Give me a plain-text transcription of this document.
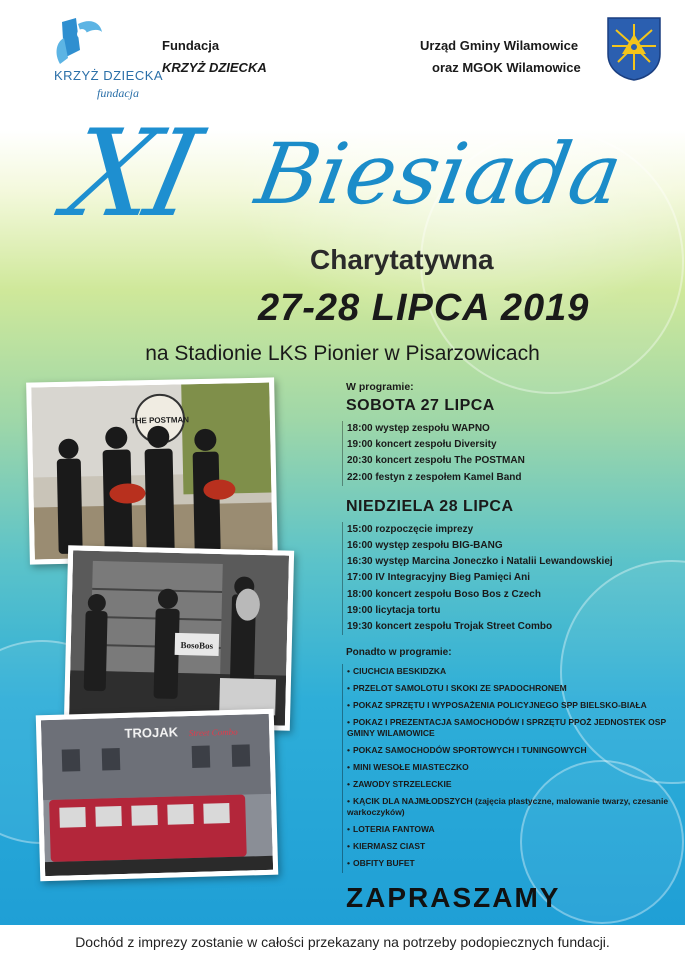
KRZYŻ DZIECKA
fundacja
Fundacja
KRZYŻ DZIECKA
Urząd Gminy Wilamowice
oraz MGOK Wilamowice
XI Biesiada
Charytatywna
27-28 LIPCA 2019
na Stadionie LKS Pionier w Pisarzowicach
THE POSTMAN
BosoBos
TROJAK Street Combo
W programie:
SOBOTA 27 LIPCA
18:00 występ zespołu WAPNO
19:00 koncert zespołu Diversity
20:30 koncert zespołu The POSTMAN
22:00 festyn z zespołem Kamel Band
NIEDZIELA 28 LIPCA
15:00 rozpoczęcie imprezy
16:00 występ zespołu BIG-BANG
16:30 występ Marcina Joneczko i Natalii Lewandowskiej
17:00 IV Integracyjny Bieg Pamięci Ani
18:00 koncert zespołu Boso Bos z Czech
19:00 licytacja tortu
19:30 koncert zespołu Trojak Street Combo
Ponadto w programie:
• CIUCHCIA BESKIDZKA
• PRZELOT SAMOLOTU I SKOKI ZE SPADOCHRONEM
• POKAZ SPRZĘTU I WYPOSAŻENIA POLICYJNEGO SPP BIELSKO-BIAŁA
• POKAZ I PREZENTACJA SAMOCHODÓW I SPRZĘTU PPOŻ JEDNOSTEK OSP GMINY WILAMOWICE
• POKAZ SAMOCHODÓW SPORTOWYCH I TUNINGOWYCH
• MINI WESOŁE MIASTECZKO
• ZAWODY STRZELECKIE
• KĄCIK DLA NAJMŁODSZYCH (zajęcia plastyczne, malowanie twarzy, czesanie warkoczyków)
• LOTERIA FANTOWA
• KIERMASZ CIAST
• OBFITY BUFET
ZAPRASZAMY
Dochód z imprezy zostanie w całości przekazany na potrzeby podopiecznych fundacji.
